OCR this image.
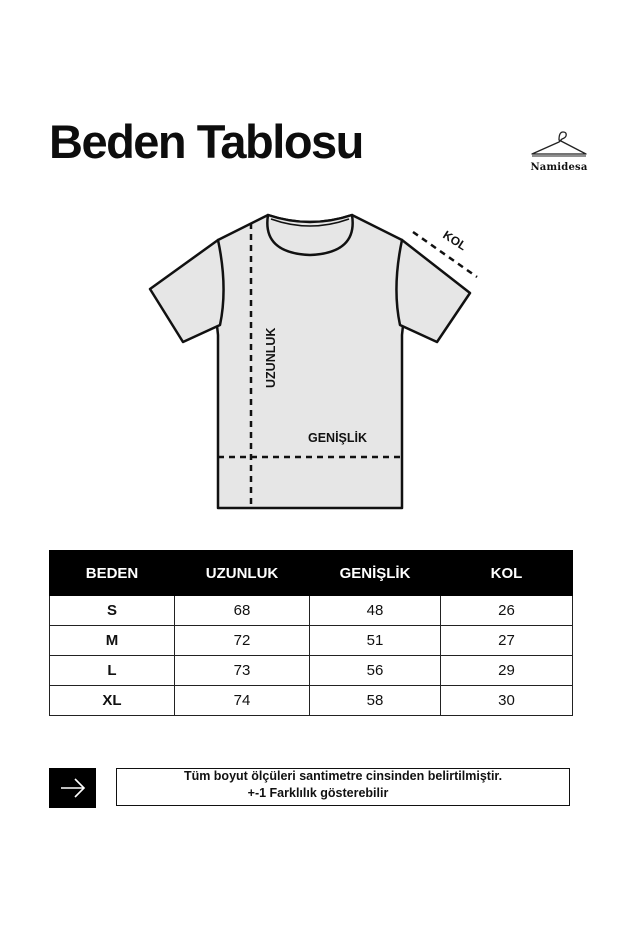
Beden Tablosu	Namidesa
UZUNLUK
GENİŞLİK
KOL
BEDEN	UZUNLUK	GENİŞLİK	KOL
S	68	48	26
M	72	51	27
L	73	56	29
XL	74	58	30
Tüm boyut ölçüleri santimetre cinsinden belirtilmiştir.
+-1 Farklılık gösterebilir
